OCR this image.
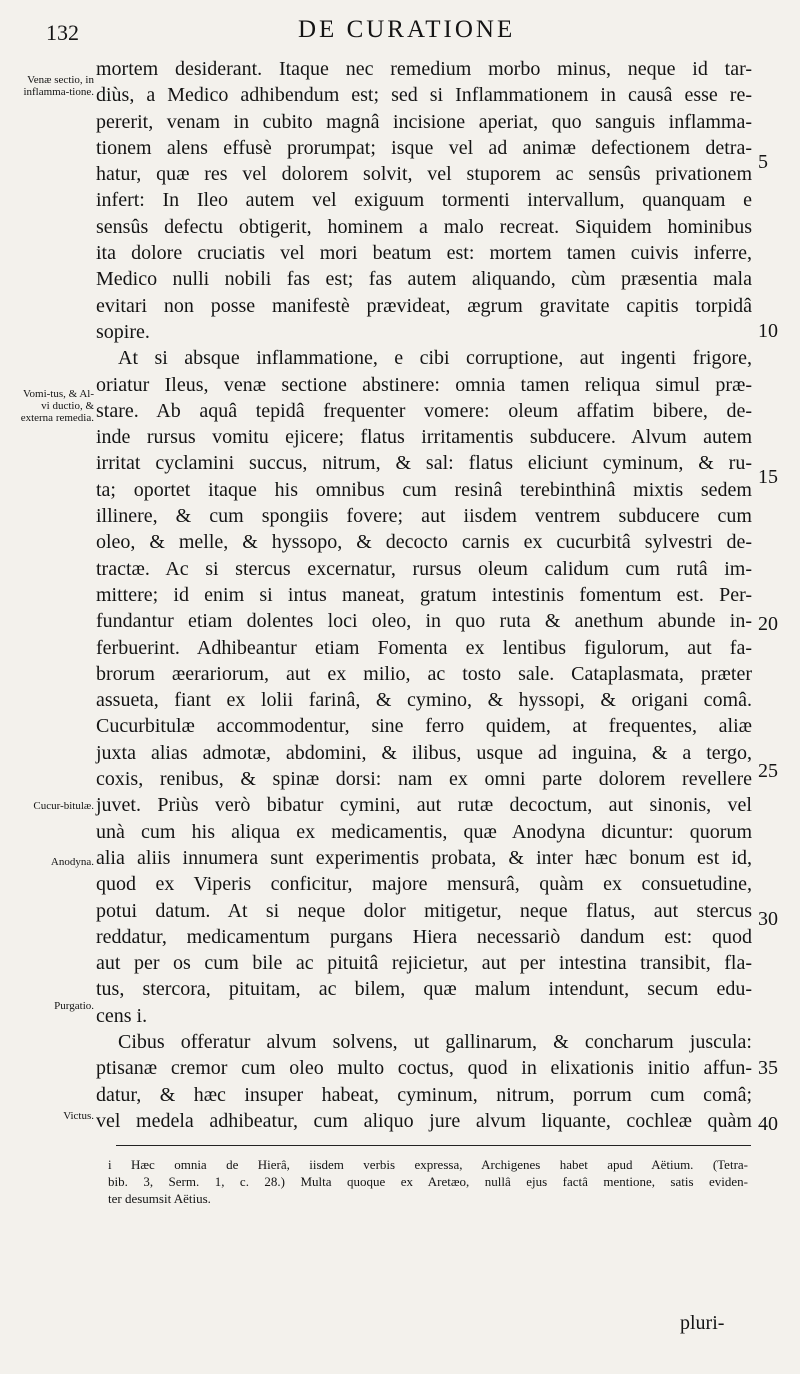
132	DE CURATIONE
Venæ sectio, in inflamma-tione.
Vomi-tus, & Al-vi ductio, & externa remedia.
Cucur-bitulæ.
Anodyna.
Purgatio.
Victus.
mortem desiderant. Itaque nec remedium morbo minus, neque id tar-
diùs, a Medico adhibendum est; sed si Inflammationem in causâ esse re-
pererit, venam in cubito magnâ incisione aperiat, quo sanguis inflamma-
tionem alens effusè prorumpat; isque vel ad animæ defectionem detra-
hatur, quæ res vel dolorem solvit, vel stuporem ac sensûs privationem
infert: In Ileo autem vel exiguum tormenti intervallum, quanquam e
sensûs defectu obtigerit, hominem a malo recreat. Siquidem hominibus
ita dolore cruciatis vel mori beatum est: mortem tamen cuivis inferre,
Medico nulli nobili fas est; fas autem aliquando, cùm præsentia mala
evitari non posse manifestè prævideat, ægrum gravitate capitis torpidâ
sopire.
At si absque inflammatione, e cibi corruptione, aut ingenti frigore,
oriatur Ileus, venæ sectione abstinere: omnia tamen reliqua simul præ-
stare. Ab aquâ tepidâ frequenter vomere: oleum affatim bibere, de-
inde rursus vomitu ejicere; flatus irritamentis subducere. Alvum autem
irritat cyclamini succus, nitrum, & sal: flatus eliciunt cyminum, & ru-
ta; oportet itaque his omnibus cum resinâ terebinthinâ mixtis sedem
illinere, & cum spongiis fovere; aut iisdem ventrem subducere cum
oleo, & melle, & hyssopo, & decocto carnis ex cucurbitâ sylvestri de-
tractæ. Ac si stercus excernatur, rursus oleum calidum cum rutâ im-
mittere; id enim si intus maneat, gratum intestinis fomentum est. Per-
fundantur etiam dolentes loci oleo, in quo ruta & anethum abunde in-
ferbuerint. Adhibeantur etiam Fomenta ex lentibus figulorum, aut fa-
brorum æerariorum, aut ex milio, ac tosto sale. Cataplasmata, præter
assueta, fiant ex lolii farinâ, & cymino, & hyssopi, & origani comâ.
Cucurbitulæ accommodentur, sine ferro quidem, at frequentes, aliæ
juxta alias admotæ, abdomini, & ilibus, usque ad inguina, & a tergo,
coxis, renibus, & spinæ dorsi: nam ex omni parte dolorem revellere
juvet. Priùs verò bibatur cymini, aut rutæ decoctum, aut sinonis, vel
unà cum his aliqua ex medicamentis, quæ Anodyna dicuntur: quorum
alia aliis innumera sunt experimentis probata, & inter hæc bonum est id,
quod ex Viperis conficitur, majore mensurâ, quàm ex consuetudine,
potui datum. At si neque dolor mitigetur, neque flatus, aut stercus
reddatur, medicamentum purgans Hiera necessariò dandum est: quod
aut per os cum bile ac pituitâ rejicietur, aut per intestina transibit, fla-
tus, stercora, pituitam, ac bilem, quæ malum intendunt, secum edu-
cens i.
Cibus offeratur alvum solvens, ut gallinarum, & concharum juscula:
ptisanæ cremor cum oleo multo coctus, quod in elixationis initio affun-
datur, & hæc insuper habeat, cyminum, nitrum, porrum cum comâ;
vel medela adhibeatur, cum aliquo jure alvum liquante, cochleæ quàm
5
10
15
20
25
30
35
40
i Hæc omnia de Hierâ, iisdem verbis expressa, Archigenes habet apud Aëtium. (Tetra-
bib. 3, Serm. 1, c. 28.) Multa quoque ex Aretæo, nullâ ejus factâ mentione, satis eviden-
ter desumsit Aëtius.
pluri-
